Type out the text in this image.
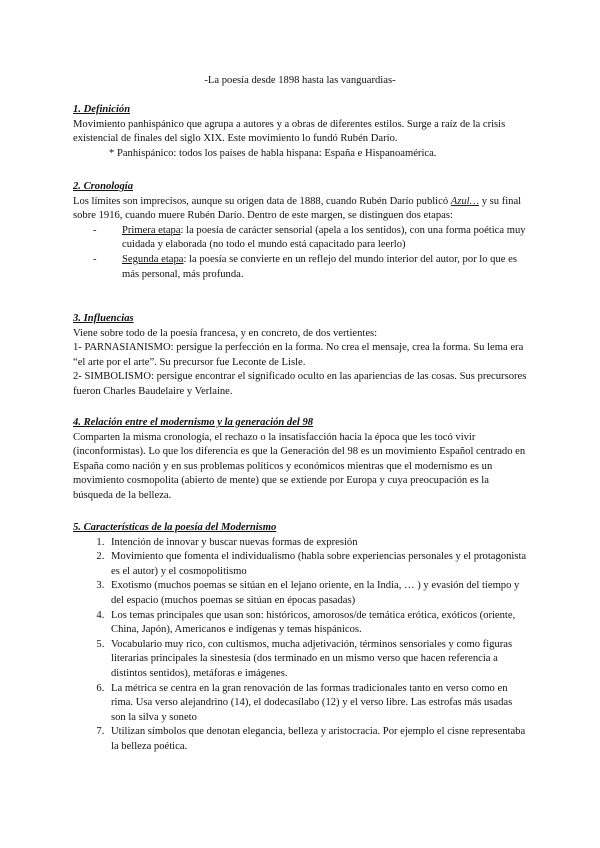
-La poesía desde 1898 hasta las vanguardias-

1. Definición

Movimiento panhispánico que agrupa a autores y a obras de diferentes estilos. Surge a raíz de la crisis existencial de finales del siglo XIX. Este movimiento lo fundó Rubén Darío.

* Panhispánico: todos los países de habla hispana: España e Hispanoamérica.

2. Cronología

Los límites son imprecisos, aunque su origen data de 1888, cuando Rubén Darío publicó Azul… y su final sobre 1916, cuando muere Rubén Darío. Dentro de este margen, se distinguen dos etapas:

- Primera etapa: la poesía de carácter sensorial (apela a los sentidos), con una forma poética muy cuidada y elaborada (no todo el mundo está capacitado para leerlo)
- Segunda etapa: la poesía se convierte en un reflejo del mundo interior del autor, por lo que es más personal, más profunda.

3. Influencias

Viene sobre todo de la poesía francesa, y en concreto, de dos vertientes:

1- PARNASIANISMO: persigue la perfección en la forma. No crea el mensaje, crea la forma. Su lema era “el arte por el arte”. Su precursor fue Leconte de Lisle.

2- SIMBOLISMO: persigue encontrar el significado oculto en las apariencias de las cosas. Sus precursores fueron Charles Baudelaire y Verlaine.

4. Relación entre el modernismo y la generación del 98

Comparten la misma cronología, el rechazo o la insatisfacción hacia la época que les tocó vivir (inconformistas). Lo que los diferencia es que la Generación del 98 es un movimiento Español centrado en España como nación y en sus problemas políticos y económicos mientras que el modernismo es un movimiento cosmopolita (abierto de mente) que se extiende por Europa y cuya preocupación es la búsqueda de la belleza.

5. Características de la poesía del Modernismo

1. Intención de innovar y buscar nuevas formas de expresión
2. Movimiento que fomenta el individualismo (habla sobre experiencias personales y el protagonista es el autor) y el cosmopolitismo
3. Exotismo (muchos poemas se sitúan en el lejano oriente, en la India, … ) y evasión del tiempo y del espacio (muchos poemas se sitúan en épocas pasadas)
4. Los temas principales que usan son: históricos, amorosos/de temática erótica, exóticos (oriente, China, Japón), Americanos e indígenas y temas hispánicos.
5. Vocabulario muy rico, con cultismos, mucha adjetivación, términos sensoriales y como figuras literarias principales la sinestesia (dos terminado en un mismo verso que hacen referencia a distintos sentidos), metáforas e imágenes.
6. La métrica se centra en la gran renovación de las formas tradicionales tanto en verso como en rima. Usa verso alejandrino (14), el dodecasílabo (12) y el verso libre. Las estrofas más usadas son la silva y soneto
7. Utilizan símbolos que denotan elegancia, belleza y aristocracia. Por ejemplo el cisne representaba la belleza poética.
